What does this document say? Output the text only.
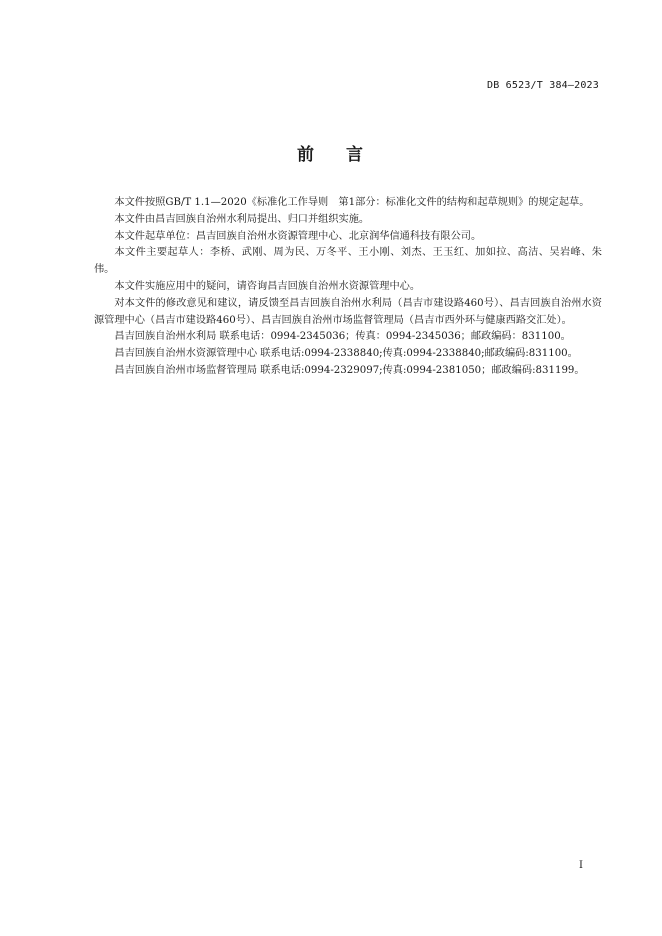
DB 6523/T 384—2023
前 言

本文件按照GB/T 1.1—2020《标准化工作导则　第1部分：标准化文件的结构和起草规则》的规定起草。

本文件由昌吉回族自治州水利局提出、归口并组织实施。

本文件起草单位：昌吉回族自治州水资源管理中心、北京润华信通科技有限公司。

本文件主要起草人：李桥、武刚、周为民、万冬平、王小刚、刘杰、王玉红、加如拉、高洁、吴岩峰、朱伟。

本文件实施应用中的疑问，请咨询昌吉回族自治州水资源管理中心。

对本文件的修改意见和建议，请反馈至昌吉回族自治州水利局（昌吉市建设路460号）、昌吉回族自治州水资源管理中心（昌吉市建设路460号）、昌吉回族自治州市场监督管理局（昌吉市西外环与健康西路交汇处）。

昌吉回族自治州水利局 联系电话：0994-2345036；传真：0994-2345036；邮政编码：831100。

昌吉回族自治州水资源管理中心 联系电话:0994-2338840;传真:0994-2338840;邮政编码:831100。

昌吉回族自治州市场监督管理局 联系电话:0994-2329097;传真:0994-2381050；邮政编码:831199。

I
